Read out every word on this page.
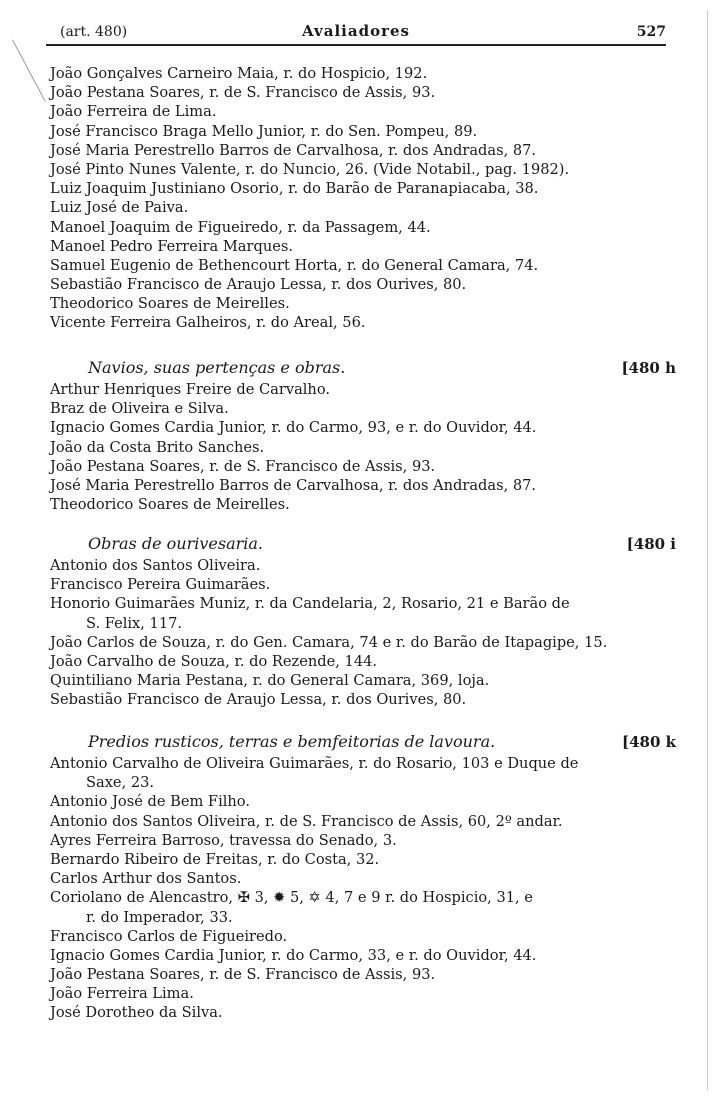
(art. 480)	Avaliadores	527
João Gonçalves Carneiro Maia, r. do Hospicio, 192.
João Pestana Soares, r. de S. Francisco de Assis, 93.
João Ferreira de Lima.
José Francisco Braga Mello Junior, r. do Sen. Pompeu, 89.
José Maria Perestrello Barros de Carvalhosa, r. dos Andradas, 87.
José Pinto Nunes Valente, r. do Nuncio, 26. (Vide Notabil., pag. 1982).
Luiz Joaquim Justiniano Osorio, r. do Barão de Paranapiacaba, 38.
Luiz José de Paiva.
Manoel Joaquim de Figueiredo, r. da Passagem, 44.
Manoel Pedro Ferreira Marques.
Samuel Eugenio de Bethencourt Horta, r. do General Camara, 74.
Sebastião Francisco de Araujo Lessa, r. dos Ourives, 80.
Theodorico Soares de Meirelles.
Vicente Ferreira Galheiros, r. do Areal, 56.
Navios, suas pertenças e obras.	[480 h
Arthur Henriques Freire de Carvalho.
Braz de Oliveira e Silva.
Ignacio Gomes Cardia Junior, r. do Carmo, 93, e r. do Ouvidor, 44.
João da Costa Brito Sanches.
João Pestana Soares, r. de S. Francisco de Assis, 93.
José Maria Perestrello Barros de Carvalhosa, r. dos Andradas, 87.
Theodorico Soares de Meirelles.
Obras de ourivesaria.	[480 i
Antonio dos Santos Oliveira.
Francisco Pereira Guimarães.
Honorio Guimarães Muniz, r. da Candelaria, 2, Rosario, 21 e Barão de
S. Felix, 117.
João Carlos de Souza, r. do Gen. Camara, 74 e r. do Barão de Itapagipe, 15.
João Carvalho de Souza, r. do Rezende, 144.
Quintiliano Maria Pestana, r. do General Camara, 369, loja.
Sebastião Francisco de Araujo Lessa, r. dos Ourives, 80.
Predios rusticos, terras e bemfeitorias de lavoura.	[480 k
Antonio Carvalho de Oliveira Guimarães, r. do Rosario, 103 e Duque de
Saxe, 23.
Antonio José de Bem Filho.
Antonio dos Santos Oliveira, r. de S. Francisco de Assis, 60, 2º andar.
Ayres Ferreira Barroso, travessa do Senado, 3.
Bernardo Ribeiro de Freitas, r. do Costa, 32.
Carlos Arthur dos Santos.
Coriolano de Alencastro, ✠ 3, ✹ 5, ✡ 4, 7 e 9 r. do Hospicio, 31, e
r. do Imperador, 33.
Francisco Carlos de Figueiredo.
Ignacio Gomes Cardia Junior, r. do Carmo, 33, e r. do Ouvidor, 44.
João Pestana Soares, r. de S. Francisco de Assis, 93.
João Ferreira Lima.
José Dorotheo da Silva.
